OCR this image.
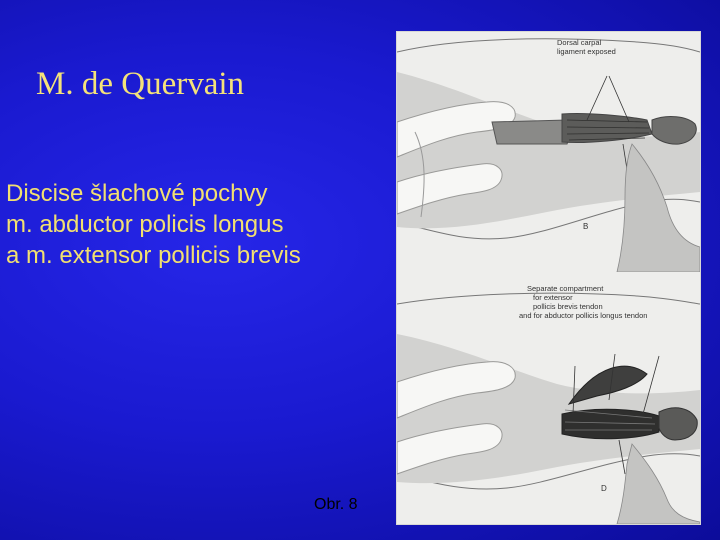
M. de Quervain
Discise šlachové pochvy
m. abductor policis longus
a m. extensor pollicis brevis
Obr. 8
Dorsal carpal
ligament exposed
B
Separate compartment
for extensor
pollicis brevis tendon
and for abductor pollicis longus tendon
D
